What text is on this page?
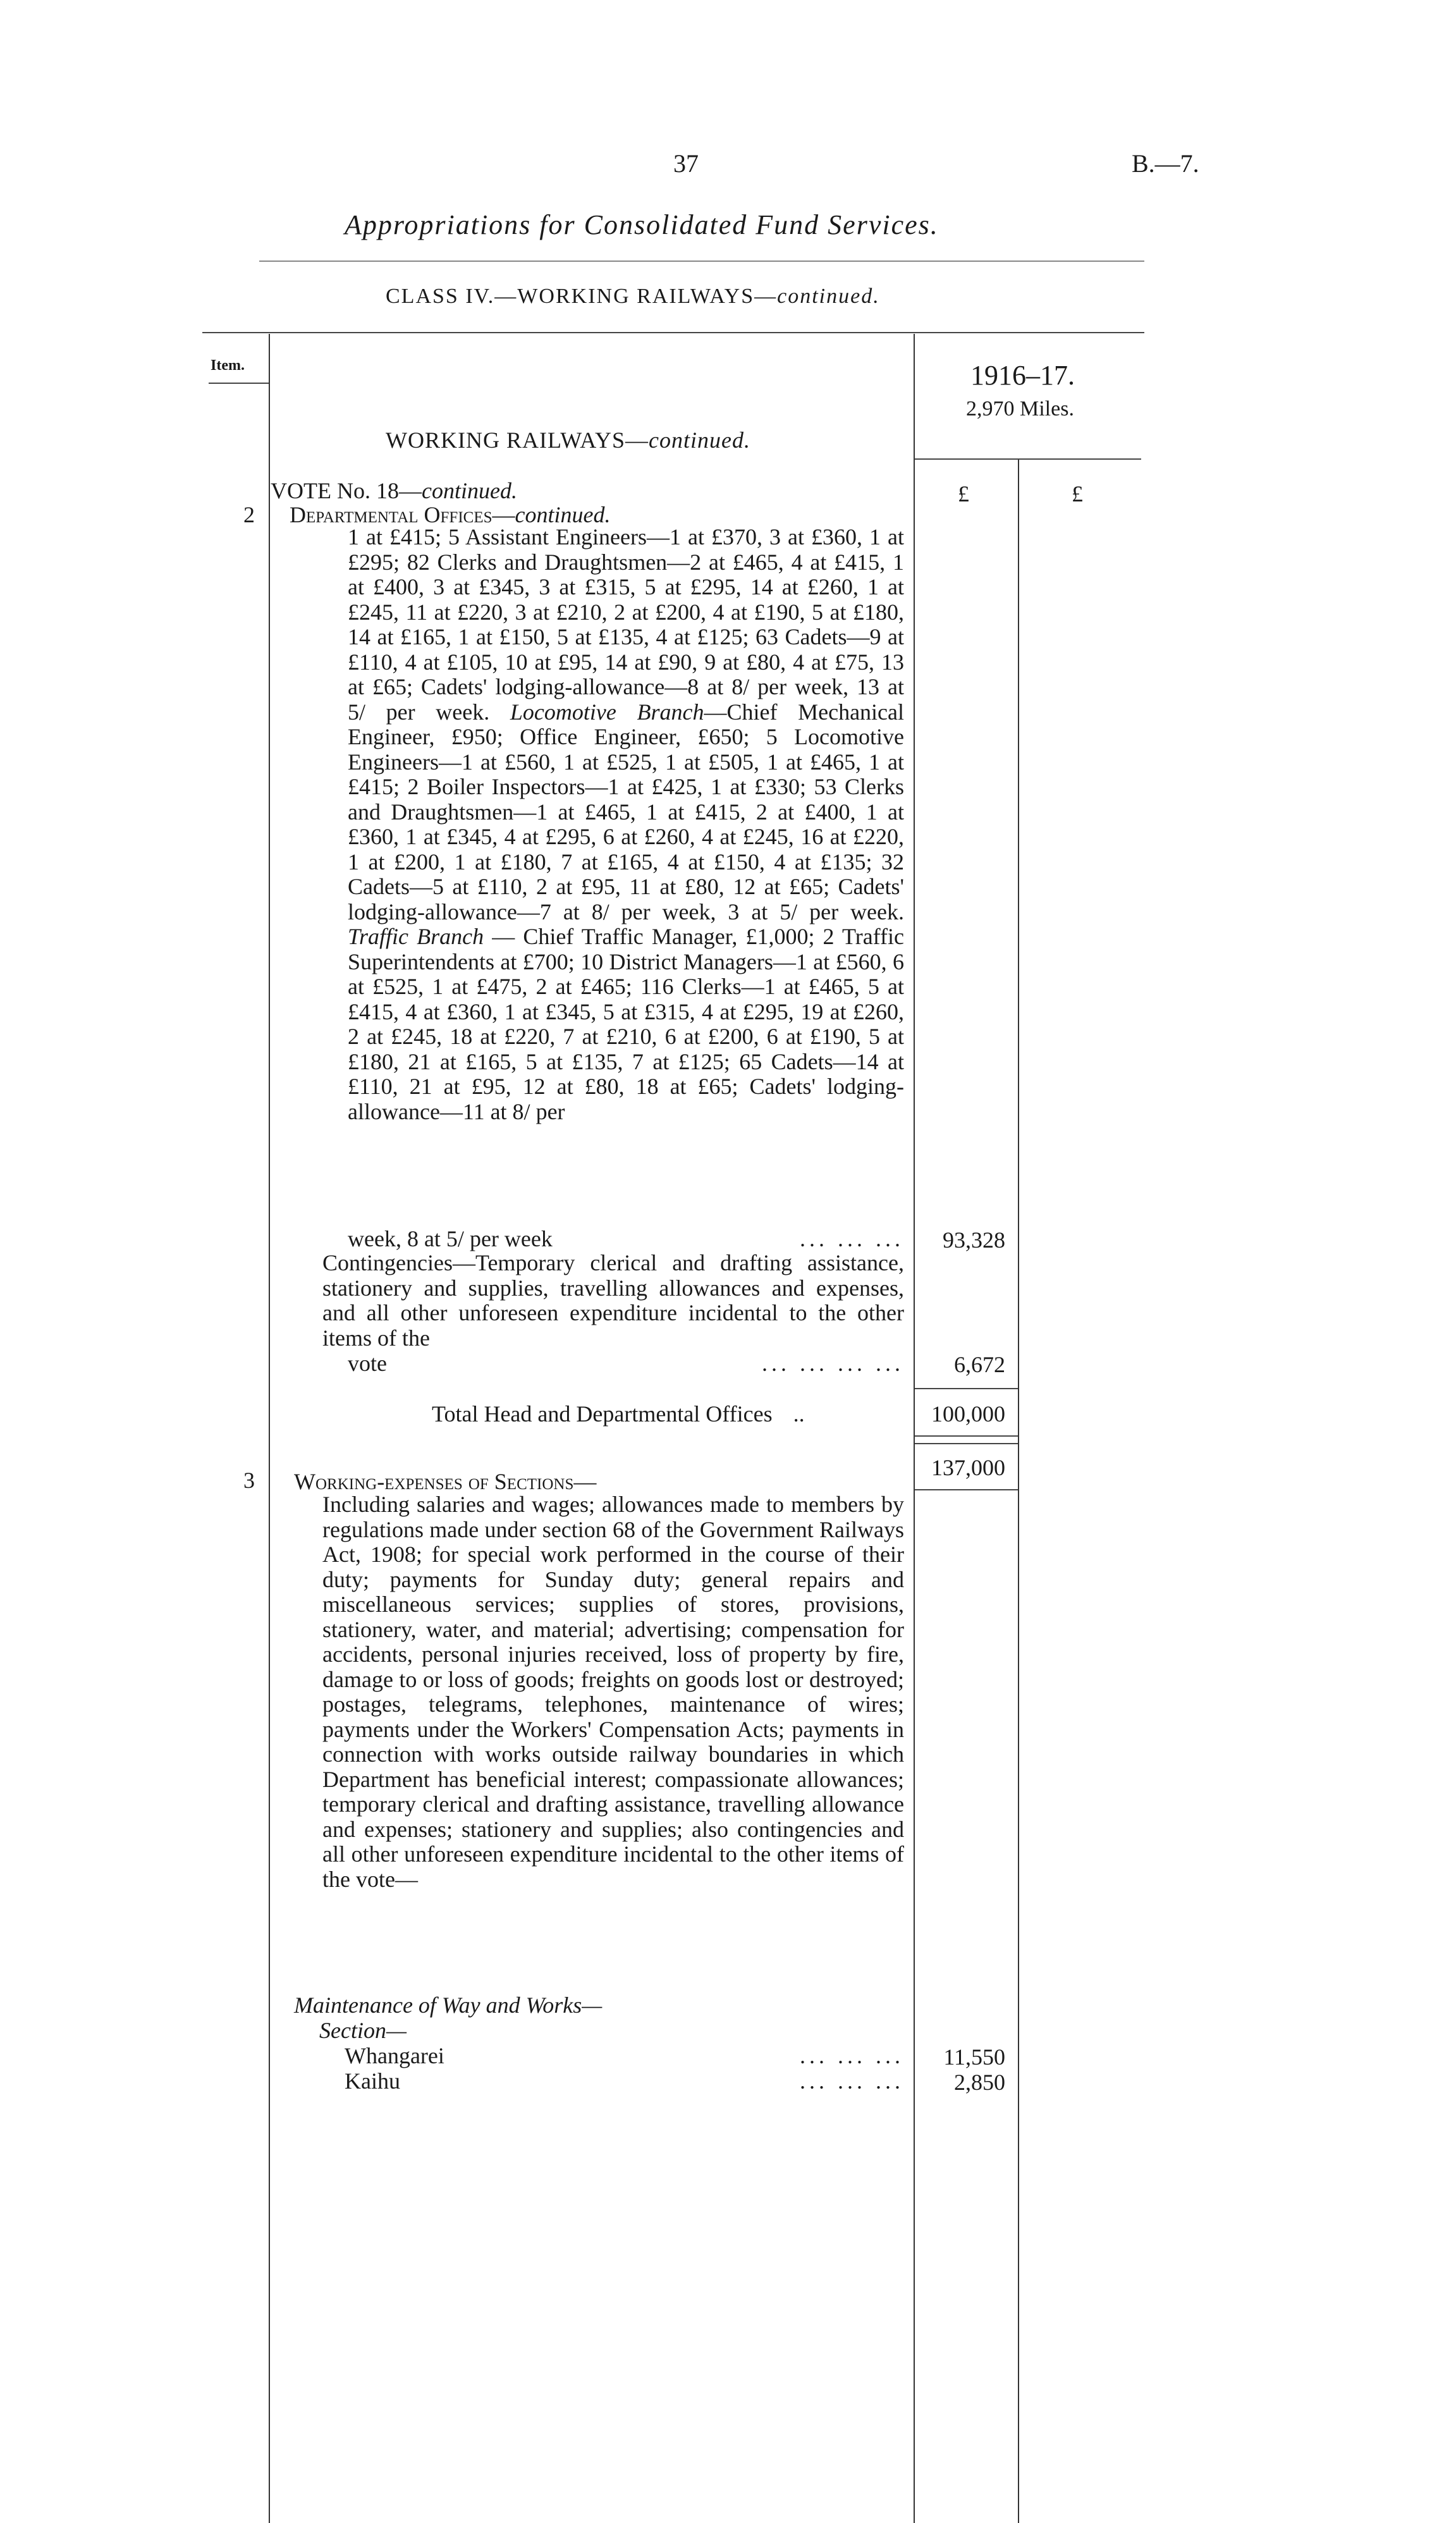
37	B.—7.
Appropriations for Consolidated Fund Services.
CLASS IV.—WORKING RAILWAYS—continued.
Item.	1916–17.
2,970 Miles.
WORKING RAILWAYS—continued.
£	£
VOTE No. 18—continued.
2 Departmental Offices—continued.
1 at £415; 5 Assistant Engineers—1 at £370, 3 at £360, 1 at £295; 82 Clerks and Draughtsmen—2 at £465, 4 at £415, 1 at £400, 3 at £345, 3 at £315, 5 at £295, 14 at £260, 1 at £245, 11 at £220, 3 at £210, 2 at £200, 4 at £190, 5 at £180, 14 at £165, 1 at £150, 5 at £135, 4 at £125; 63 Cadets—9 at £110, 4 at £105, 10 at £95, 14 at £90, 9 at £80, 4 at £75, 13 at £65; Cadets' lodging-allowance—8 at 8/ per week, 13 at 5/ per week. Locomotive Branch—Chief Mechanical Engineer, £950; Office Engineer, £650; 5 Locomotive Engineers—1 at £560, 1 at £525, 1 at £505, 1 at £465, 1 at £415; 2 Boiler Inspectors—1 at £425, 1 at £330; 53 Clerks and Draughtsmen—1 at £465, 1 at £415, 2 at £400, 1 at £360, 1 at £345, 4 at £295, 6 at £260, 4 at £245, 16 at £220, 1 at £200, 1 at £180, 7 at £165, 4 at £150, 4 at £135; 32 Cadets—5 at £110, 2 at £95, 11 at £80, 12 at £65; Cadets' lodging-allowance—7 at 8/ per week, 3 at 5/ per week. Traffic Branch — Chief Traffic Manager, £1,000; 2 Traffic Superintendents at £700; 10 District Managers—1 at £560, 6 at £525, 1 at £475, 2 at £465; 116 Clerks—1 at £465, 5 at £415, 4 at £360, 1 at £345, 5 at £315, 4 at £295, 19 at £260, 2 at £245, 18 at £220, 7 at £210, 6 at £200, 6 at £190, 5 at £180, 21 at £165, 5 at £135, 7 at £125; 65 Cadets—14 at £110, 21 at £95, 12 at £80, 18 at £65; Cadets' lodging-allowance—11 at 8/ per
week, 8 at 5/ per week	... ... ...	93,328
Contingencies—Temporary clerical and drafting assistance, stationery and supplies, travelling allowances and expenses, and all other unforeseen expenditure incidental to the other items of the
vote	... ... ... ...	6,672
Total Head and Departmental Offices ..	100,000
137,000
3 Working-expenses of Sections—
Including salaries and wages; allowances made to members by regulations made under section 68 of the Government Railways Act, 1908; for special work performed in the course of their duty; payments for Sunday duty; general repairs and miscellaneous services; supplies of stores, provisions, stationery, water, and material; advertising; compensation for accidents, personal injuries received, loss of property by fire, damage to or loss of goods; freights on goods lost or destroyed; postages, telegrams, telephones, maintenance of wires; payments under the Workers' Compensation Acts; payments in connection with works outside railway boundaries in which Department has beneficial interest; compassionate allowances; temporary clerical and drafting assistance, travelling allowance and expenses; stationery and supplies; also contingencies and all other unforeseen expenditure incidental to the other items of the vote—
Maintenance of Way and Works—
Section—
Whangarei	... ... ...	11,550
Kaihu	... ... ...	2,850
